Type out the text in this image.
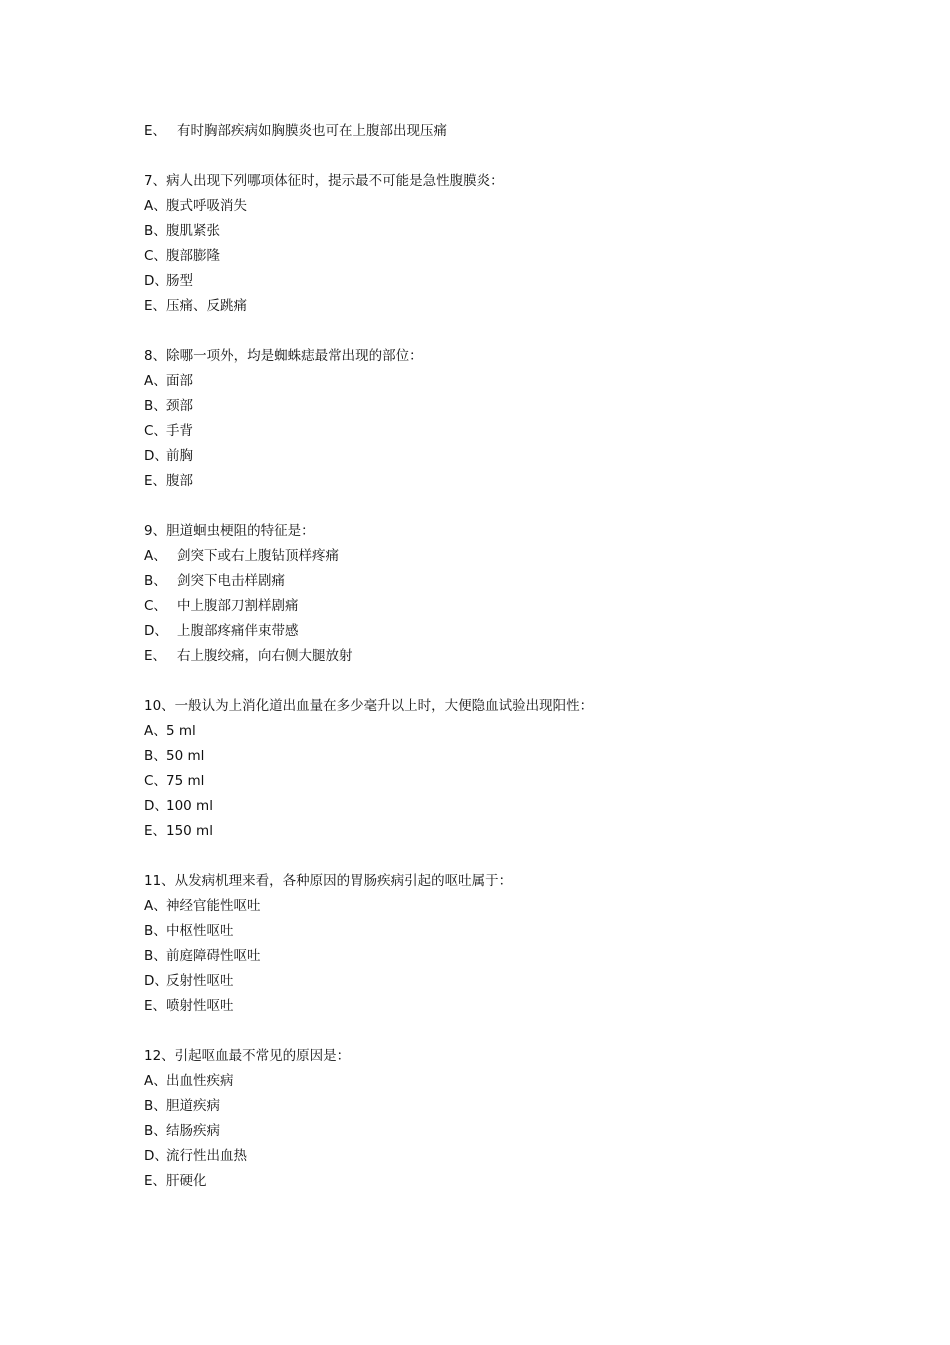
E、 有时胸部疾病如胸膜炎也可在上腹部出现压痛
7、病人出现下列哪项体征时，提示最不可能是急性腹膜炎：
A、 腹式呼吸消失
B、 腹肌紧张
C、 腹部膨隆
D、
肠型
E、 压痛、反跳痛
8、除哪一项外，均是蜘蛛痣最常出现的部位：
A、 面部
B、 颈部
C、 手背
D、
前胸
E、 腹部
9、胆道蛔虫梗阻的特征是：
A、 剑突下或右上腹钻顶样疼痛
B、 剑突下电击样剧痛
C、 中上腹部刀割样剧痛
D、 上腹部疼痛伴束带感
E、 右上腹绞痛，向右侧大腿放射
10、一般认为上消化道出血量在多少毫升以上时，大便隐血试验出现阳性：
A、 5 ml
B、 50 ml
C、 75 ml
D、
100 ml
E、 150 ml
11、从发病机理来看，各种原因的胃肠疾病引起的呕吐属于：
A、 神经官能性呕吐
B、 中枢性呕吐
B、 前庭障碍性呕吐
D、
反射性呕吐
E、 喷射性呕吐
12、引起呕血最不常见的原因是：
A、 出血性疾病
B、 胆道疾病
B、 结肠疾病
D、
流行性出血热
E、 肝硬化
